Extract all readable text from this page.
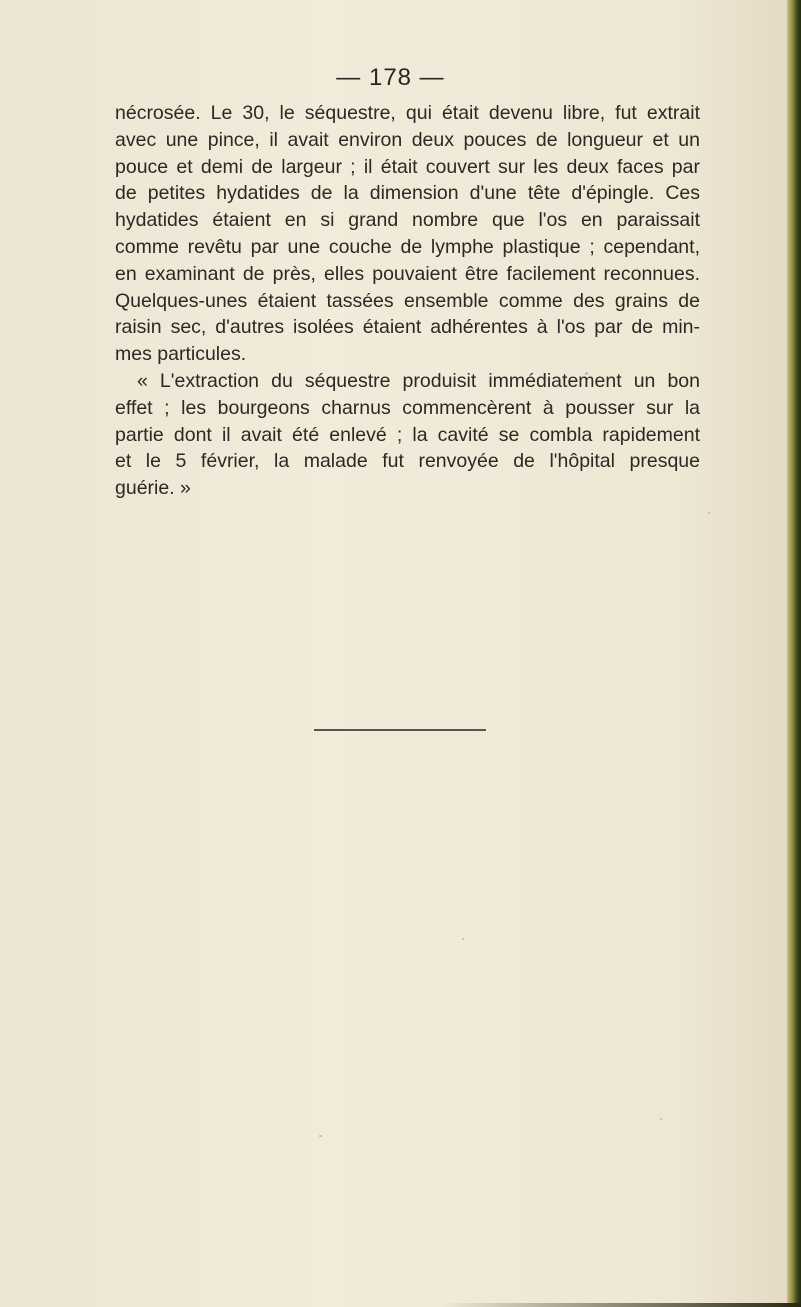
— 178 —
nécrosée. Le 30, le séquestre, qui était devenu libre, fut extrait
avec une pince, il avait environ deux pouces de longueur et un
pouce et demi de largeur ; il était couvert sur les deux faces par
de petites hydatides de la dimension d'une tête d'épingle. Ces
hydatides étaient en si grand nombre que l'os en paraissait
comme revêtu par une couche de lymphe plastique ; cependant,
en examinant de près, elles pouvaient être facilement reconnues.
Quelques-unes étaient tassées ensemble comme des grains de
raisin sec, d'autres isolées étaient adhérentes à l'os par de min-
mes particules.
« L'extraction du séquestre produisit immédiatement un bon
effet ; les bourgeons charnus commencèrent à pousser sur la
partie dont il avait été enlevé ; la cavité se combla rapidement
et le 5 février, la malade fut renvoyée de l'hôpital presque
guérie. »
